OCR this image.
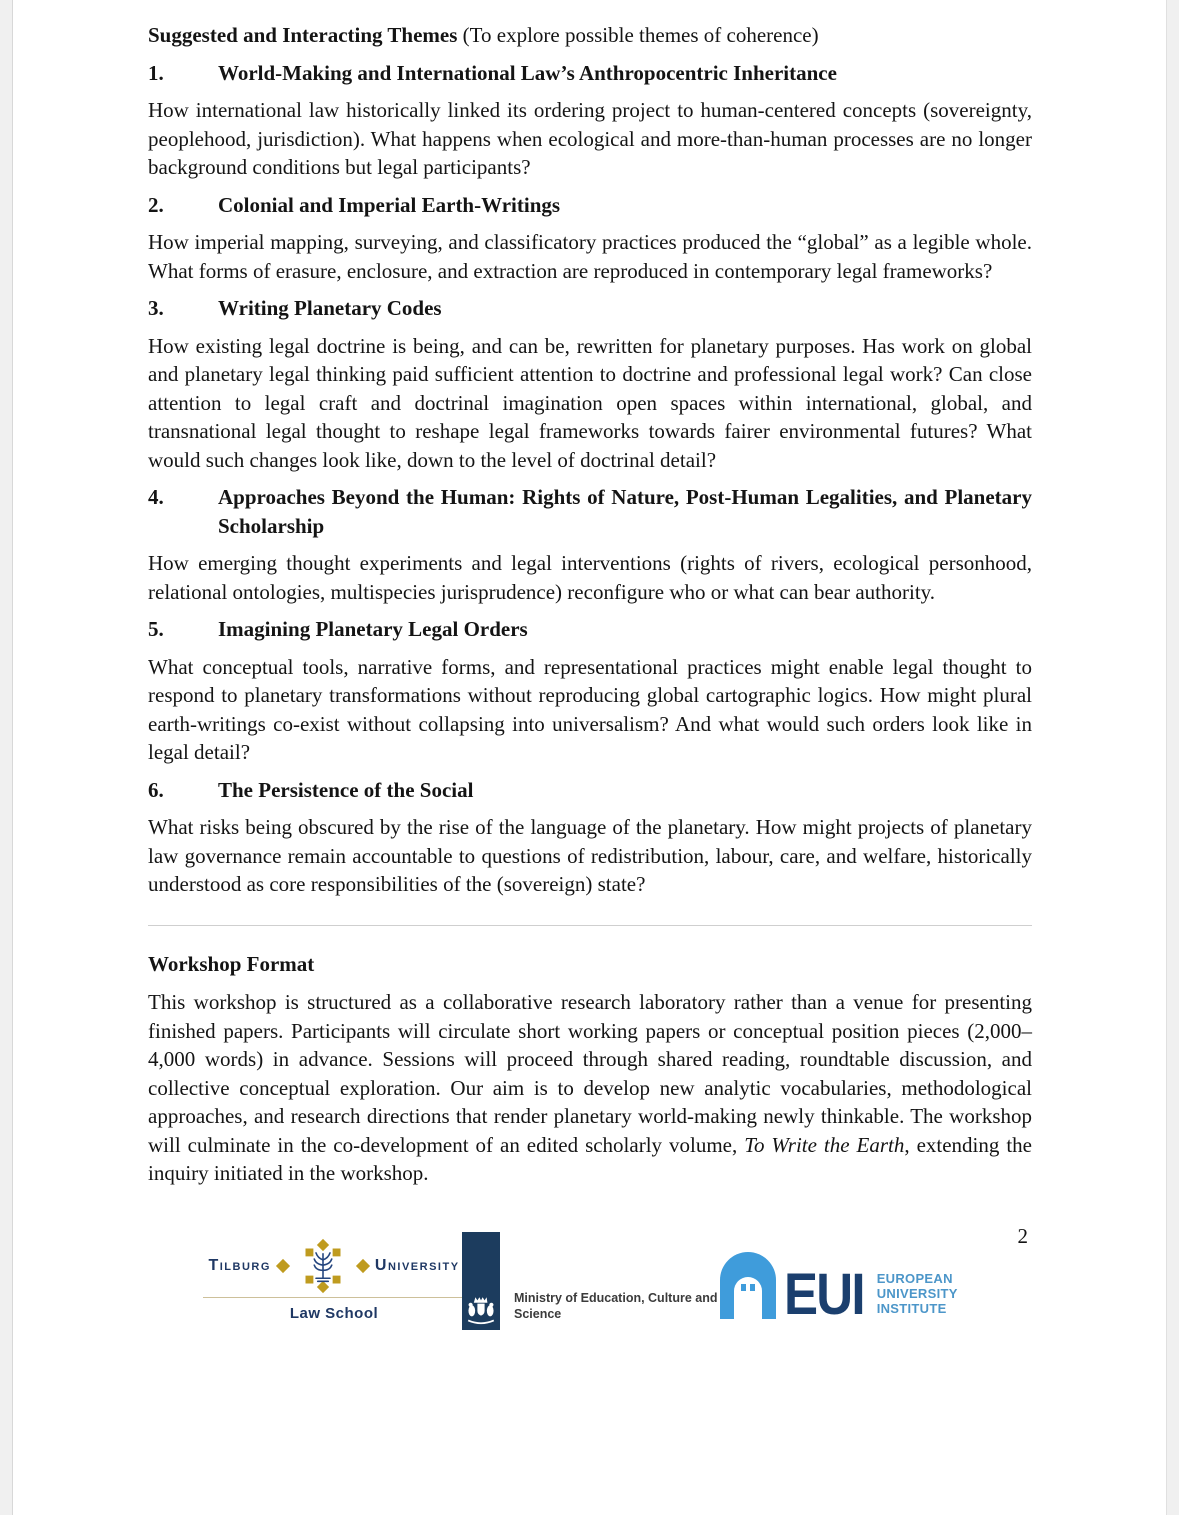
Suggested and Interacting Themes (To explore possible themes of coherence)

1.	World-Making and International Law’s Anthropocentric Inheritance

How international law historically linked its ordering project to human-centered concepts (sovereignty, peoplehood, jurisdiction). What happens when ecological and more-than-human processes are no longer background conditions but legal participants?

2.	Colonial and Imperial Earth-Writings

How imperial mapping, surveying, and classificatory practices produced the “global” as a legible whole. What forms of erasure, enclosure, and extraction are reproduced in contemporary legal frameworks?

3.	Writing Planetary Codes

How existing legal doctrine is being, and can be, rewritten for planetary purposes. Has work on global and planetary legal thinking paid sufficient attention to doctrine and professional legal work? Can close attention to legal craft and doctrinal imagination open spaces within international, global, and transnational legal thought to reshape legal frameworks towards fairer environmental futures? What would such changes look like, down to the level of doctrinal detail?

4.	Approaches Beyond the Human: Rights of Nature, Post-Human Legalities, and Planetary Scholarship

How emerging thought experiments and legal interventions (rights of rivers, ecological personhood, relational ontologies, multispecies jurisprudence) reconfigure who or what can bear authority.

5.	Imagining Planetary Legal Orders

What conceptual tools, narrative forms, and representational practices might enable legal thought to respond to planetary transformations without reproducing global cartographic logics. How might plural earth-writings co-exist without collapsing into universalism? And what would such orders look like in legal detail?

6.	The Persistence of the Social

What risks being obscured by the rise of the language of the planetary. How might projects of planetary law governance remain accountable to questions of redistribution, labour, care, and welfare, historically understood as core responsibilities of the (sovereign) state?

Workshop Format

This workshop is structured as a collaborative research laboratory rather than a venue for presenting finished papers. Participants will circulate short working papers or conceptual position pieces (2,000–4,000 words) in advance. Sessions will proceed through shared reading, roundtable discussion, and collective conceptual exploration. Our aim is to develop new analytic vocabularies, methodological approaches, and research directions that render planetary world-making newly thinkable. The workshop will culminate in the co-development of an edited scholarly volume, To Write the Earth, extending the inquiry initiated in the workshop.

2
Tilburg	university
Law School
Ministry of Education, Culture and
Science	EUI EUROPEAN
UNIVERSITY
INSTITUTE
